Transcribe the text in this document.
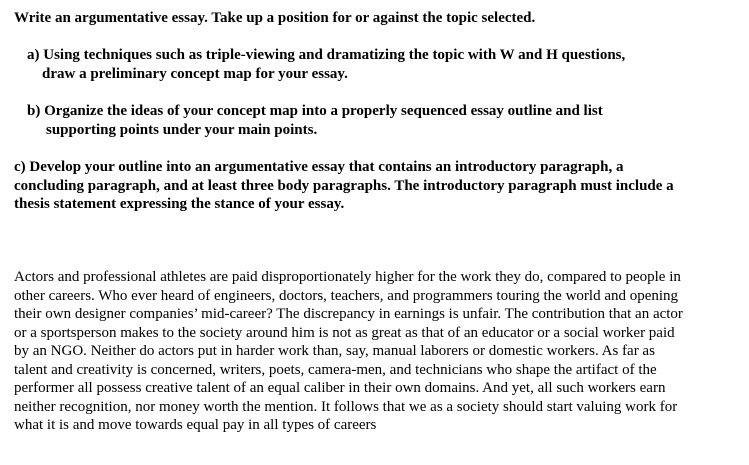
Write an argumentative essay. Take up a position for or against the topic selected.
a) Using techniques such as triple-viewing and dramatizing the topic with W and H questions,
draw a preliminary concept map for your essay.
b) Organize the ideas of your concept map into a properly sequenced essay outline and list
supporting points under your main points.
c) Develop your outline into an argumentative essay that contains an introductory paragraph, a
concluding paragraph, and at least three body paragraphs. The introductory paragraph must include a
thesis statement expressing the stance of your essay.
Actors and professional athletes are paid disproportionately higher for the work they do, compared to people in
other careers. Who ever heard of engineers, doctors, teachers, and programmers touring the world and opening
their own designer companies’ mid-career? The discrepancy in earnings is unfair. The contribution that an actor
or a sportsperson makes to the society around him is not as great as that of an educator or a social worker paid
by an NGO. Neither do actors put in harder work than, say, manual laborers or domestic workers. As far as
talent and creativity is concerned, writers, poets, camera-men, and technicians who shape the artifact of the
performer all possess creative talent of an equal caliber in their own domains. And yet, all such workers earn
neither recognition, nor money worth the mention. It follows that we as a society should start valuing work for
what it is and move towards equal pay in all types of careers
